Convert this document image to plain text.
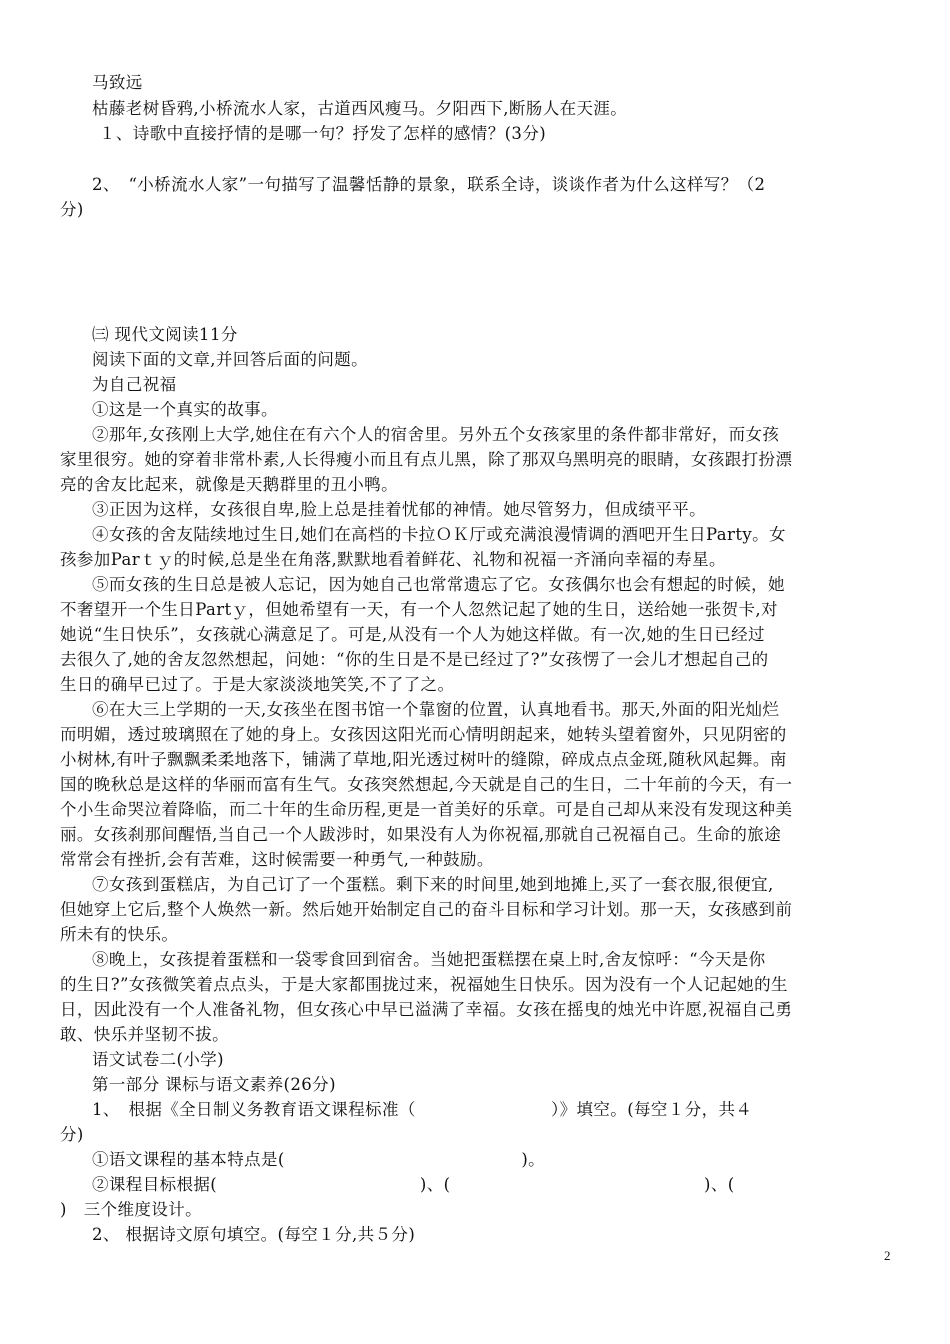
马致远
枯藤老树昏鸦,小桥流水人家，古道西风瘦马。夕阳西下,断肠人在天涯。
１、诗歌中直接抒情的是哪一句？抒发了怎样的感情？(3分)
2、　“小桥流水人家”一句描写了温馨恬静的景象，联系全诗，谈谈作者为什么这样写？（2
分)
㈢ 现代文阅读11分
阅读下面的文章,并回答后面的问题。
为自己祝福
①这是一个真实的故事。
②那年,女孩刚上大学,她住在有六个人的宿舍里。另外五个女孩家里的条件都非常好，而女孩
家里很穷。她的穿着非常朴素,人长得瘦小而且有点儿黑，除了那双乌黑明亮的眼睛，女孩跟打扮漂
亮的舍友比起来，就像是天鹅群里的丑小鸭。
③正因为这样，女孩很自卑,脸上总是挂着忧郁的神情。她尽管努力，但成绩平平。
④女孩的舍友陆续地过生日,她们在高档的卡拉ＯＫ厅或充满浪漫情调的酒吧开生日Party。女
孩参加Parｔｙ的时候,总是坐在角落,默默地看着鲜花、礼物和祝福一齐涌向幸福的寿星。
⑤而女孩的生日总是被人忘记，因为她自己也常常遗忘了它。女孩偶尔也会有想起的时候，她
不奢望开一个生日Partｙ，但她希望有一天，有一个人忽然记起了她的生日，送给她一张贺卡,对
她说“生日快乐”，女孩就心满意足了。可是,从没有一个人为她这样做。有一次,她的生日已经过
去很久了,她的舍友忽然想起，问她：“你的生日是不是已经过了?”女孩愣了一会儿才想起自己的
生日的确早已过了。于是大家淡淡地笑笑,不了了之。
⑥在大三上学期的一天,女孩坐在图书馆一个靠窗的位置，认真地看书。那天,外面的阳光灿烂
而明媚，透过玻璃照在了她的身上。女孩因这阳光而心情明朗起来，她转头望着窗外，只见阴密的
小树林,有叶子飘飘柔柔地落下，铺满了草地,阳光透过树叶的缝隙，碎成点点金斑,随秋风起舞。南
国的晚秋总是这样的华丽而富有生气。女孩突然想起,今天就是自己的生日，二十年前的今天，有一
个小生命哭泣着降临，而二十年的生命历程,更是一首美好的乐章。可是自己却从来没有发现这种美
丽。女孩刹那间醒悟,当自己一个人跋涉时，如果没有人为你祝福,那就自己祝福自己。生命的旅途
常常会有挫折,会有苦难，这时候需要一种勇气,一种鼓励。
⑦女孩到蛋糕店，为自己订了一个蛋糕。剩下来的时间里,她到地摊上,买了一套衣服,很便宜,
但她穿上它后,整个人焕然一新。然后她开始制定自己的奋斗目标和学习计划。那一天，女孩感到前
所未有的快乐。
⑧晚上，女孩提着蛋糕和一袋零食回到宿舍。当她把蛋糕摆在桌上时,舍友惊呼：“今天是你
的生日?”女孩微笑着点点头，于是大家都围拢过来，祝福她生日快乐。因为没有一个人记起她的生
日，因此没有一个人准备礼物，但女孩心中早已溢满了幸福。女孩在摇曳的烛光中许愿,祝福自己勇
敢、快乐并坚韧不拔。
语文试卷二(小学)
第一部分 课标与语文素养(26分)
1、　根据《全日制义务教育语文课程标准（　　　　　　　　）》填空。(每空１分，共４
分)
①语文课程的基本特点是(　　　　　　　　　　　　　　)。
②课程目标根据(　　　　　　　　　　　　)、(　　　　　　　　　　　　　　　)、(
)　三个维度设计。
2、 根据诗文原句填空。(每空１分,共５分)
2
